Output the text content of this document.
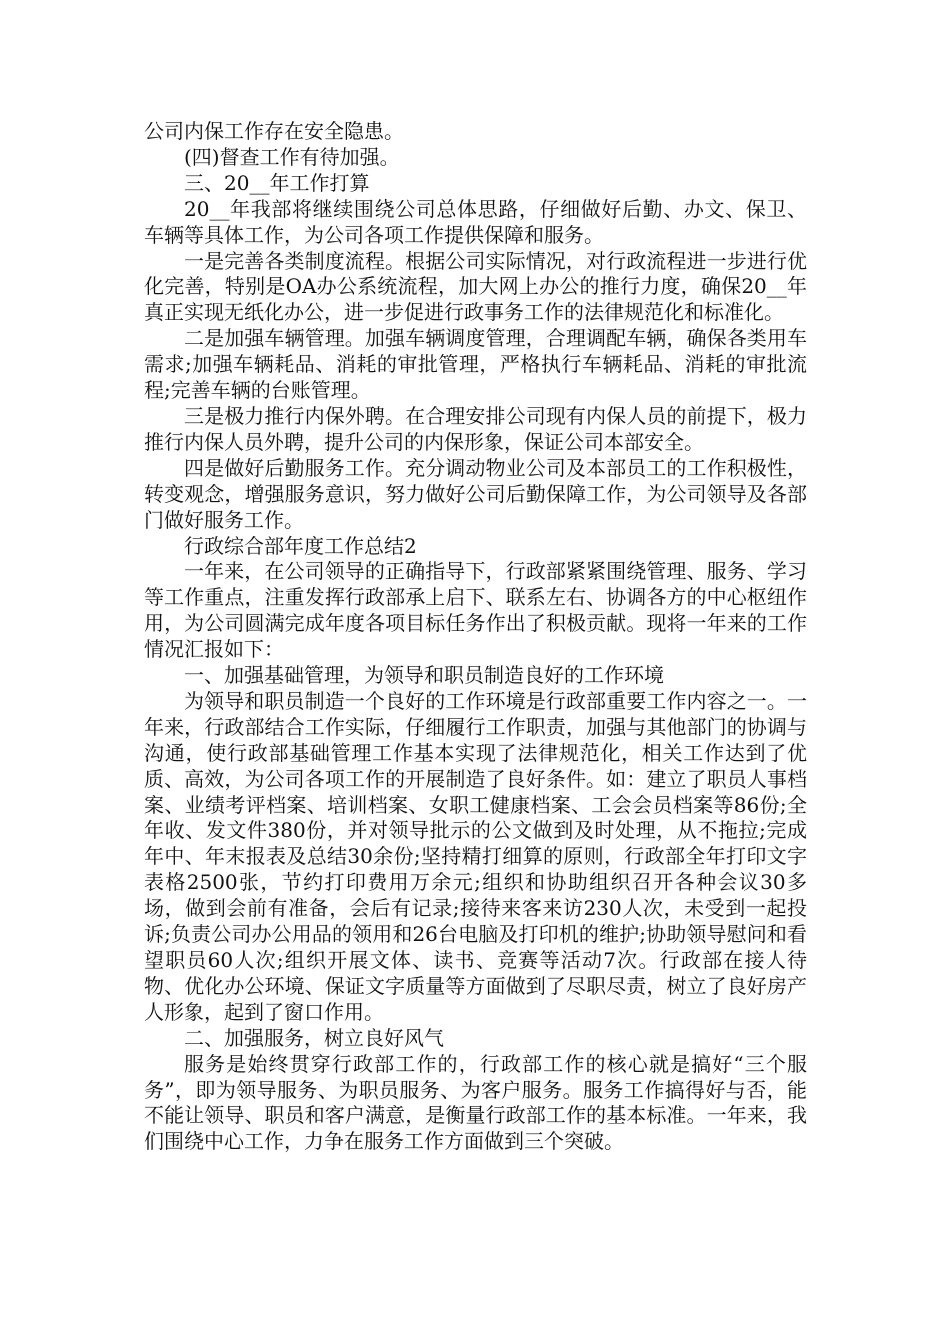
公司内保工作存在安全隐患。

(四)督查工作有待加强。

三、20__年工作打算

20__年我部将继续围绕公司总体思路，仔细做好后勤、办文、保卫、车辆等具体工作，为公司各项工作提供保障和服务。

一是完善各类制度流程。根据公司实际情况，对行政流程进一步进行优化完善，特别是OA办公系统流程，加大网上办公的推行力度，确保20__年真正实现无纸化办公，进一步促进行政事务工作的法律规范化和标准化。

二是加强车辆管理。加强车辆调度管理，合理调配车辆，确保各类用车需求;加强车辆耗品、消耗的审批管理，严格执行车辆耗品、消耗的审批流程;完善车辆的台账管理。

三是极力推行内保外聘。在合理安排公司现有内保人员的前提下，极力推行内保人员外聘，提升公司的内保形象，保证公司本部安全。

四是做好后勤服务工作。充分调动物业公司及本部员工的工作积极性，转变观念，增强服务意识，努力做好公司后勤保障工作，为公司领导及各部门做好服务工作。

行政综合部年度工作总结2

一年来，在公司领导的正确指导下，行政部紧紧围绕管理、服务、学习等工作重点，注重发挥行政部承上启下、联系左右、协调各方的中心枢纽作用，为公司圆满完成年度各项目标任务作出了积极贡献。现将一年来的工作情况汇报如下：

一、加强基础管理，为领导和职员制造良好的工作环境

为领导和职员制造一个良好的工作环境是行政部重要工作内容之一。一年来，行政部结合工作实际，仔细履行工作职责，加强与其他部门的协调与沟通，使行政部基础管理工作基本实现了法律规范化，相关工作达到了优质、高效，为公司各项工作的开展制造了良好条件。如：建立了职员人事档案、业绩考评档案、培训档案、女职工健康档案、工会会员档案等86份;全年收、发文件380份，并对领导批示的公文做到及时处理，从不拖拉;完成年中、年末报表及总结30余份;坚持精打细算的原则，行政部全年打印文字表格2500张，节约打印费用万余元;组织和协助组织召开各种会议30多场，做到会前有准备，会后有记录;接待来客来访230人次，未受到一起投诉;负责公司办公用品的领用和26台电脑及打印机的维护;协助领导慰问和看望职员60人次;组织开展文体、读书、竞赛等活动7次。行政部在接人待物、优化办公环境、保证文字质量等方面做到了尽职尽责，树立了良好房产人形象，起到了窗口作用。

二、加强服务，树立良好风气

服务是始终贯穿行政部工作的，行政部工作的核心就是搞好“三个服务”，即为领导服务、为职员服务、为客户服务。服务工作搞得好与否，能不能让领导、职员和客户满意，是衡量行政部工作的基本标准。一年来，我们围绕中心工作，力争在服务工作方面做到三个突破。
